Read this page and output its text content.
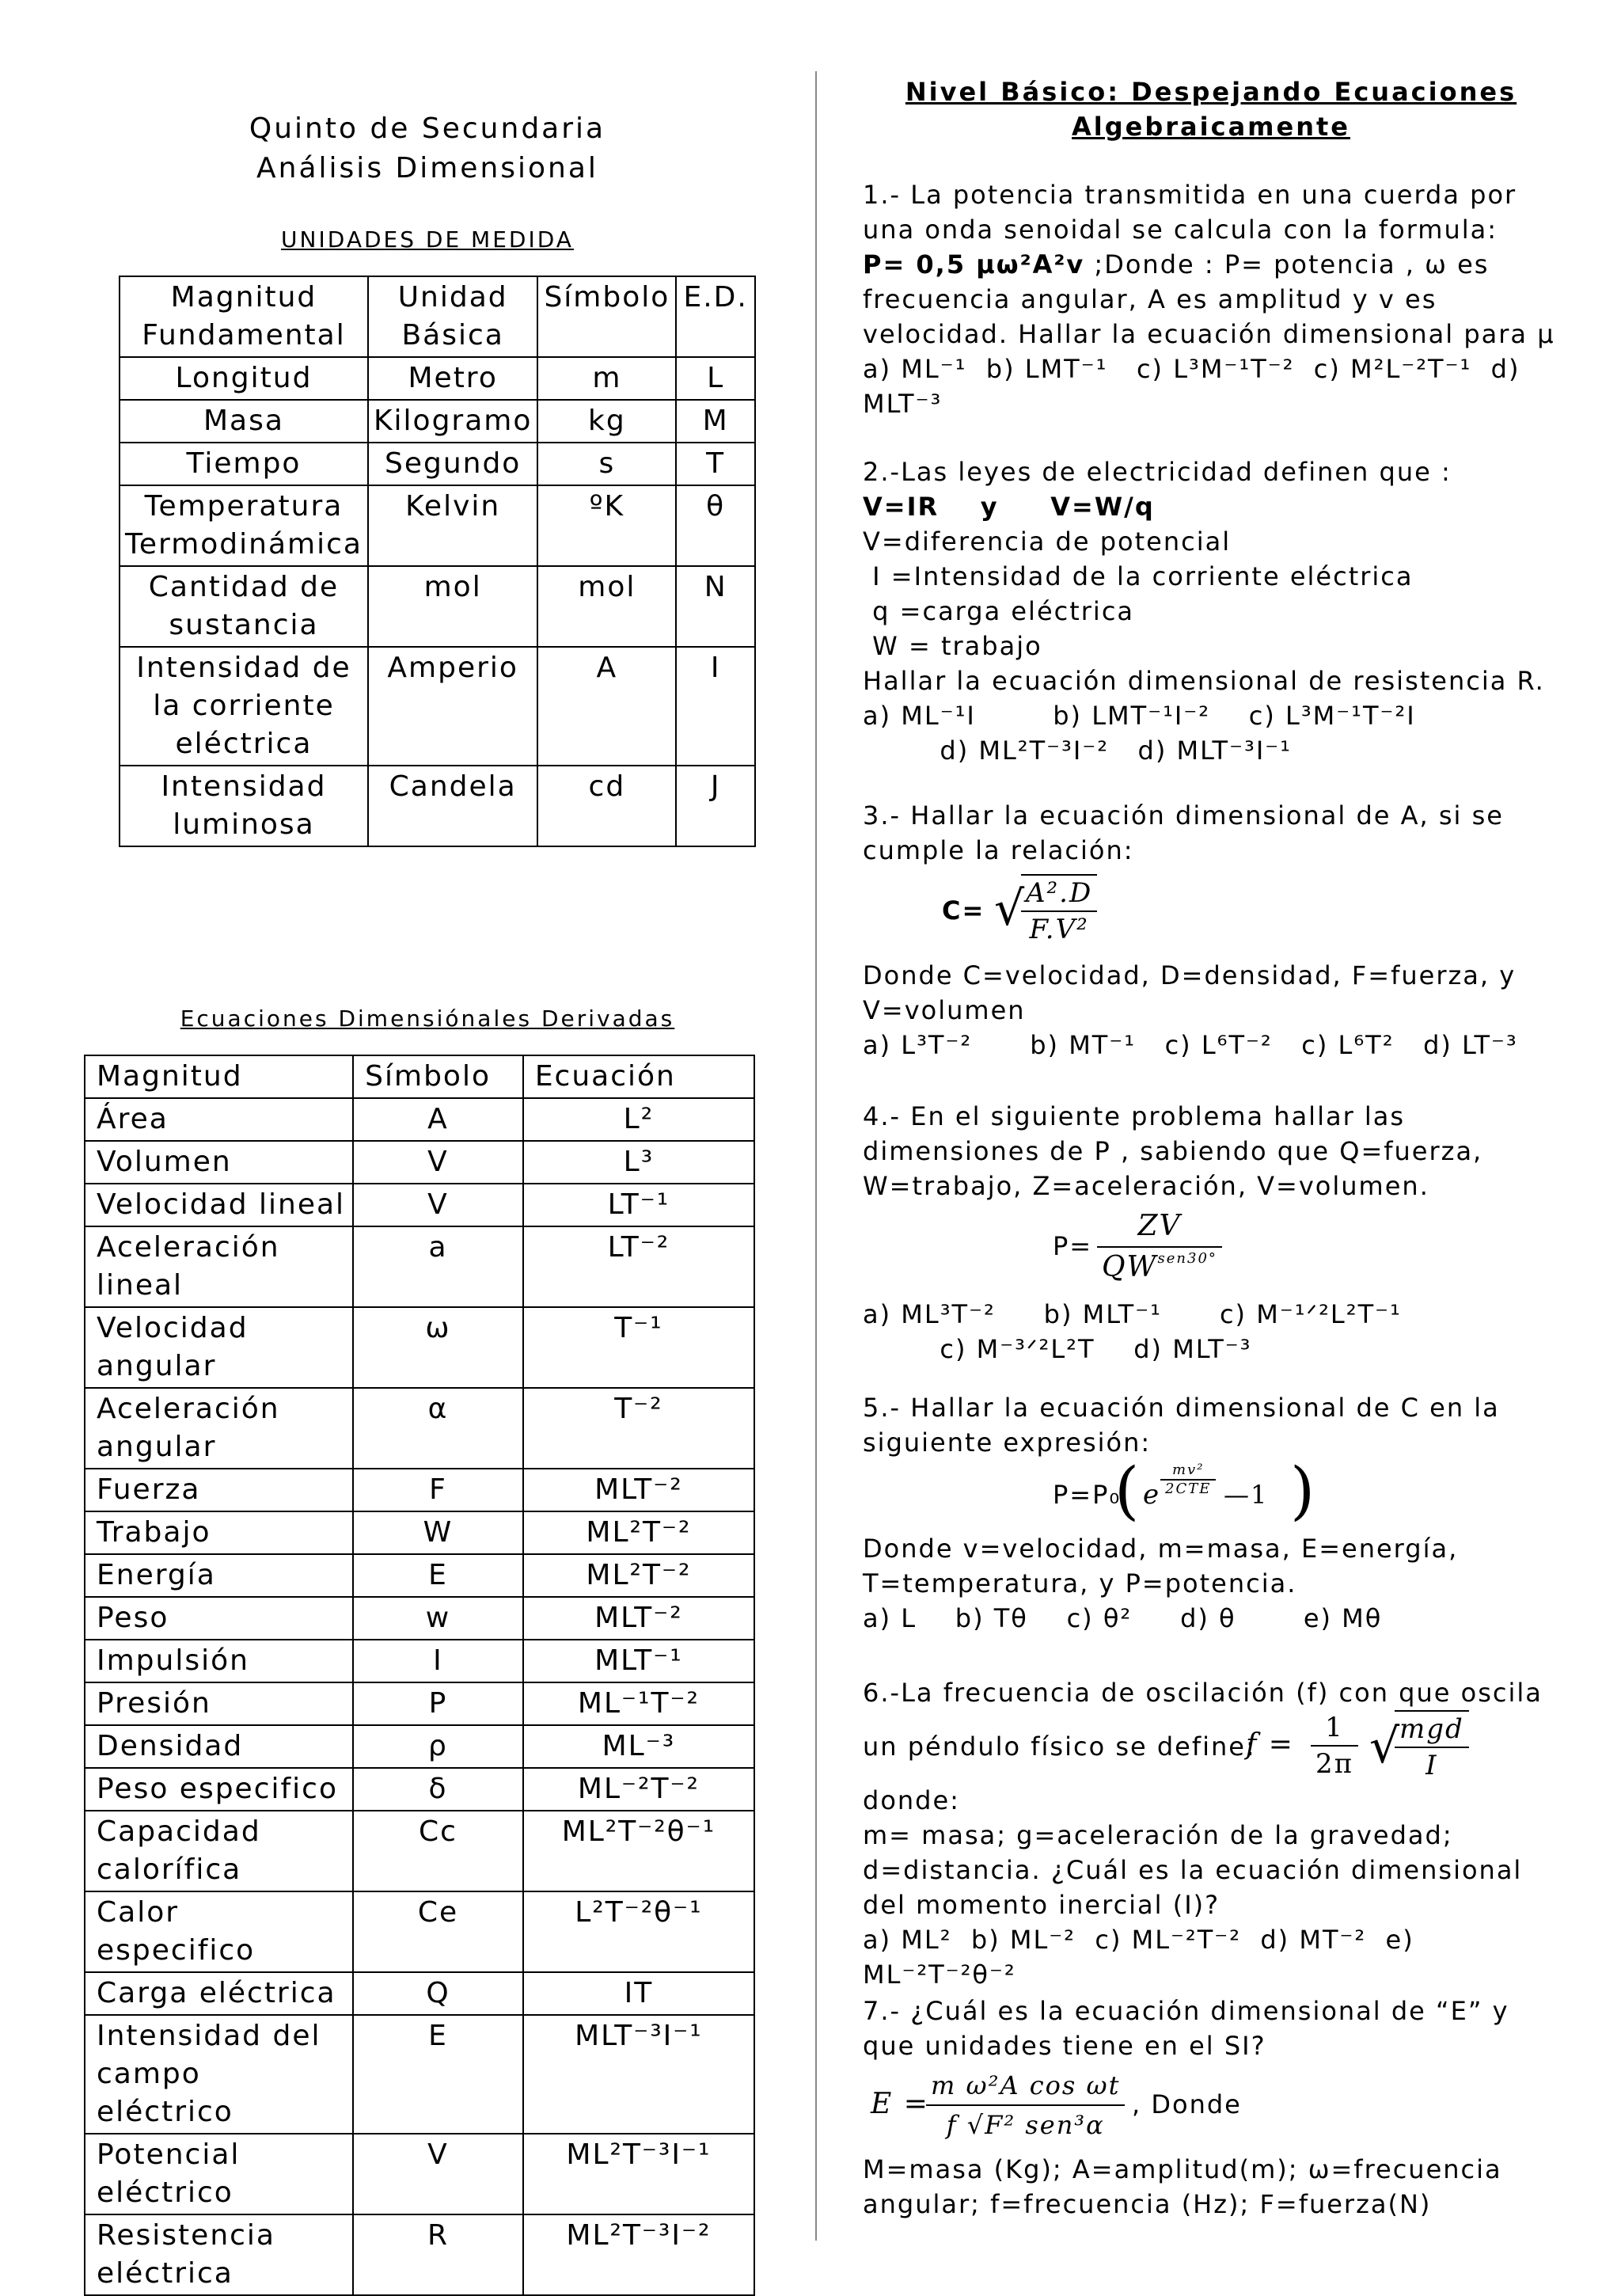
Quinto de Secundaria
Análisis Dimensional
UNIDADES DE MEDIDA
Magnitud Fundamental	Unidad Básica	Símbolo	E.D.
Longitud	Metro	m	L
Masa	Kilogramo	kg	M
Tiempo	Segundo	s	T
Temperatura Termodinámica	Kelvin	ºK	θ
Cantidad de sustancia	mol	mol	N
Intensidad de la corriente eléctrica	Amperio	A	I
Intensidad luminosa	Candela	cd	J
Ecuaciones Dimensiónales Derivadas
Magnitud	Símbolo	Ecuación
Área	A	L²
Volumen	V	L³
Velocidad lineal	V	LT⁻¹
Aceleración lineal	a	LT⁻²
Velocidad angular	ω	T⁻¹
Aceleración angular	α	T⁻²
Fuerza	F	MLT⁻²
Trabajo	W	ML²T⁻²
Energía	E	ML²T⁻²
Peso	w	MLT⁻²
Impulsión	I	MLT⁻¹
Presión	P	ML⁻¹T⁻²
Densidad	ρ	ML⁻³
Peso especifico	δ	ML⁻²T⁻²
Capacidad calorífica	Cc	ML²T⁻²θ⁻¹
Calor especifico	Ce	L²T⁻²θ⁻¹
Carga eléctrica	Q	IT
Intensidad del campo eléctrico	E	MLT⁻³I⁻¹
Potencial eléctrico	V	ML²T⁻³I⁻¹
Resistencia eléctrica	R	ML²T⁻³I⁻²
Nivel Básico: Despejando Ecuaciones
Algebraicamente

1.- La potencia transmitida en una cuerda por una onda senoidal se calcula con la formula:

P= 0,5 μω²A²v ;Donde : P= potencia , ω es frecuencia angular, A es amplitud y v es velocidad. Hallar la ecuación dimensional para μ

a) ML⁻¹  b) LMT⁻¹   c) L³M⁻¹T⁻²  c) M²L⁻²T⁻¹  d) MLT⁻³

2.-Las leyes de electricidad definen que :

V=IR    y     V=W/q

V=diferencia de potencial

I =Intensidad de la corriente eléctrica

q =carga eléctrica

W = trabajo

Hallar la ecuación dimensional de resistencia R.

a) ML⁻¹I        b) LMT⁻¹I⁻²    c) L³M⁻¹T⁻²I

d) ML²T⁻³I⁻²   d) MLT⁻³I⁻¹

3.- Hallar la ecuación dimensional de A, si se cumple la relación:

C= √
$\frac{\text{A².D}}{\text{F.V²}}$

Donde C=velocidad, D=densidad, F=fuerza, y V=volumen

a) L³T⁻²      b) MT⁻¹   c) L⁶T⁻²   c) L⁶T²   d) LT⁻³

4.- En el siguiente problema hallar las dimensiones de P , sabiendo que Q=fuerza, W=trabajo, Z=aceleración, V=volumen.

P=
ZV
$QW^{sen30^\circ}$

a) ML³T⁻²     b) MLT⁻¹      c) M⁻¹ᐟ²L²T⁻¹

c) M⁻³ᐟ²L²T    d) MLT⁻³

5.- Hallar la ecuación dimensional de C en la siguiente expresión:

P=P₀
( e
mv²
2CTE —1 )

Donde v=velocidad, m=masa, E=energía, T=temperatura, y P=potencia.

a) L    b) Tθ    c) θ²     d) θ       e) Mθ

6.-La frecuencia de oscilación (f) con que oscila

un péndulo físico se define:
$f = \frac{1}{2\pi}$ √
mgd
I

donde:

m= masa; g=aceleración de la gravedad; d=distancia. ¿Cuál es la ecuación dimensional del momento inercial (I)?

a) ML²  b) ML⁻²  c) ML⁻²T⁻²  d) MT⁻²  e) ML⁻²T⁻²θ⁻²

7.- ¿Cuál es la ecuación dimensional de “E” y que unidades tiene en el SI?

E =
m ω²A cos ωt
f √F² sen³α
, Donde

M=masa (Kg); A=amplitud(m); ω=frecuencia angular; f=frecuencia (Hz); F=fuerza(N)
